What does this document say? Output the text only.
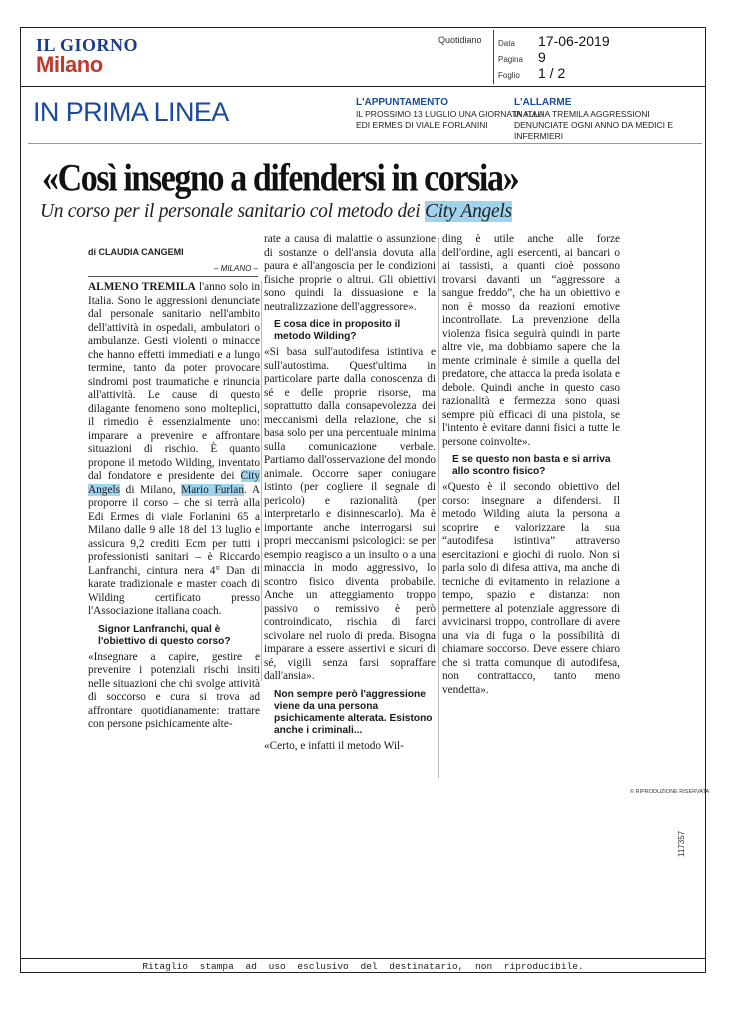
IL GIORNO
Milano
Quotidiano Data	17-06-2019
Pagina	9
Foglio	1 / 2
IN PRIMA LINEA	L'APPUNTAMENTO
IL PROSSIMO 13 LUGLIO UNA GIORNATA ALLA EDI ERMES DI VIALE FORLANINI
L'ALLARME
IN ITALIA TREMILA AGGRESSIONI DENUNCIATE OGNI ANNO DA MEDICI E INFERMIERI
«Così insegno a difendersi in corsia»
Un corso per il personale sanitario col metodo dei City Angels
di CLAUDIA CANGEMI
– MILANO –

ALMENO TREMILA l'anno solo in Italia. Sono le aggressioni denunciate dal personale sanitario nell'ambito dell'attività in ospedali, ambulatori o ambulanze. Gesti violenti o minacce che hanno effetti immediati e a lungo termine, tanto da poter provocare sindromi post traumatiche e rinuncia all'attività. Le cause di questo dilagante fenomeno sono molteplici, il rimedio è essenzialmente uno: imparare a prevenire e affrontare situazioni di rischio. È quanto propone il metodo Wilding, inventato dal fondatore e presidente dei City Angels di Milano, Mario Furlan. A proporre il corso – che si terrà alla Edi Ermes di viale Forlanini 65 a Milano dalle 9 alle 18 del 13 luglio e assicura 9,2 crediti Ecm per tutti i professionisti sanitari – è Riccardo Lanfranchi, cintura nera 4° Dan di karate tradizionale e master coach di Wilding certificato presso l'Associazione italiana coach.

Signor Lanfranchi, qual è l'obiettivo di questo corso?

«Insegnare a capire, gestire e prevenire i potenziali rischi insiti nelle situazioni che chi svolge attività di soccorso e cura si trova ad affrontare quotidianamente: trattare con persone psichicamente alte-

rate a causa di malattie o assunzione di sostanze o dell'ansia dovuta alla paura e all'angoscia per le condizioni fisiche proprie o altrui. Gli obiettivi sono quindi la dissuasione e la neutralizzazione dell'aggressore».

E cosa dice in proposito il metodo Wilding?

«Si basa sull'autodifesa istintiva e sull'autostima. Quest'ultima in particolare parte dalla conoscenza di sé e delle proprie risorse, ma soprattutto dalla consapevolezza dei meccanismi della relazione, che si basa solo per una percentuale minima sulla comunicazione verbale. Partiamo dall'osservazione del mondo animale. Occorre saper coniugare istinto (per cogliere il segnale di pericolo) e razionalità (per interpretarlo e disinnescarlo). Ma è importante anche interrogarsi sui propri meccanismi psicologici: se per esempio reagisco a un insulto o a una minaccia in modo aggressivo, lo scontro fisico diventa probabile. Anche un atteggiamento troppo passivo o remissivo è però controindicato, rischia di farci scivolare nel ruolo di preda. Bisogna imparare a essere assertivi e sicuri di sé, vigili senza farsi sopraffare dall'ansia».

Non sempre però l'aggressione viene da una persona psichicamente alterata. Esistono anche i criminali...

«Certo, e infatti il metodo Wil-

ding è utile anche alle forze dell'ordine, agli esercenti, ai bancari o ai tassisti, a quanti cioè possono trovarsi davanti un “aggressore a sangue freddo”, che ha un obiettivo e non è mosso da reazioni emotive incontrollate. La prevenzione della violenza fisica seguirà quindi in parte altre vie, ma dobbiamo sapere che la mente criminale è simile a quella del predatore, che attacca la preda isolata e debole. Quindi anche in questo caso razionalità e fermezza sono quasi sempre più efficaci di una pistola, se l'intento è evitare danni fisici a tutte le persone coinvolte».

E se questo non basta e si arriva allo scontro fisico?

«Questo è il secondo obiettivo del corso: insegnare a difendersi. Il metodo Wilding aiuta la persona a scoprire e valorizzare la sua “autodifesa istintiva” attraverso esercitazioni e giochi di ruolo. Non si parla solo di difesa attiva, ma anche di tecniche di evitamento in relazione a tempo, spazio e distanza: non permettere al potenziale aggressore di avvicinarsi troppo, controllare di avere una via di fuga o la possibilità di chiamare soccorso. Deve essere chiaro che si tratta comunque di autodifesa, non contrattacco, tanto meno vendetta».

© RIPRODUZIONE RISERVATA
117357
Ritaglio stampa ad uso esclusivo del destinatario, non riproducibile.
